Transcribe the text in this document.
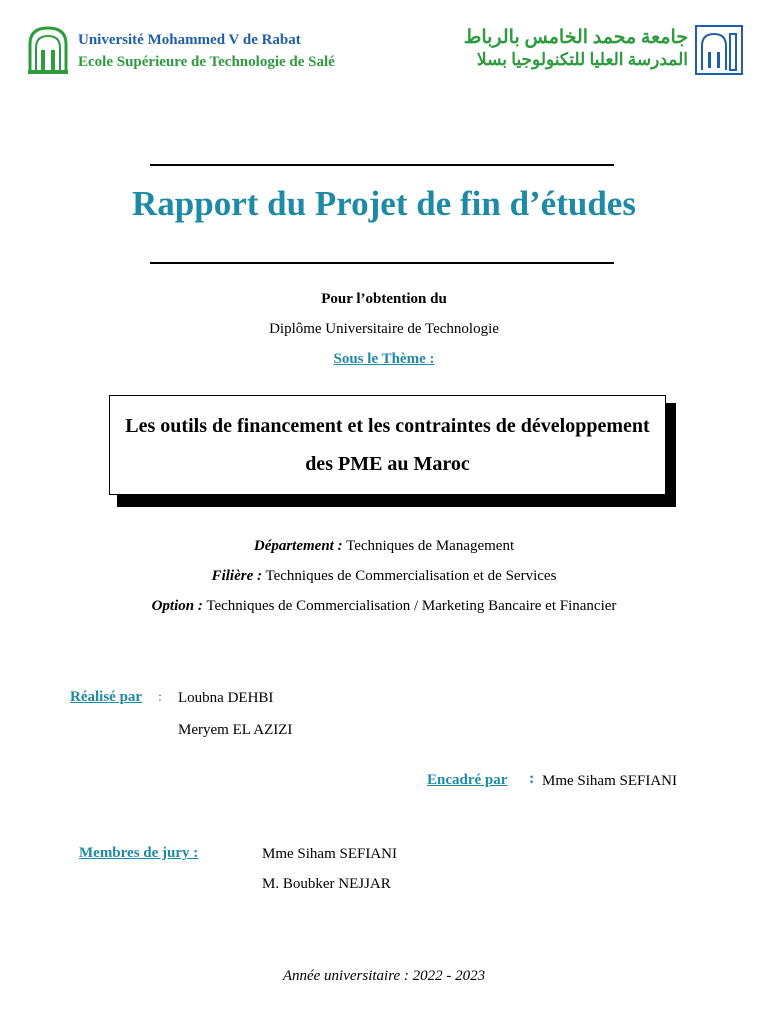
Université Mohammed V de Rabat
Ecole Supérieure de Technologie de Salé
جامعة محمد الخامس بالرباط
المدرسة العليا للتكنولوجيا بسلا
Rapport du Projet de fin d’études
Pour l’obtention du
Diplôme Universitaire de Technologie
Sous le Thème :
Les outils de financement et les contraintes de développement des PME au Maroc
Département : Techniques de Management
Filière : Techniques de Commercialisation et de Services
Option : Techniques de Commercialisation / Marketing Bancaire et Financier
Réalisé par : Loubna DEHBI
Meryem EL AZIZI
Encadré par : Mme Siham SEFIANI
Membres de jury :	Mme Siham SEFIANI
M. Boubker NEJJAR
Année universitaire : 2022 - 2023
